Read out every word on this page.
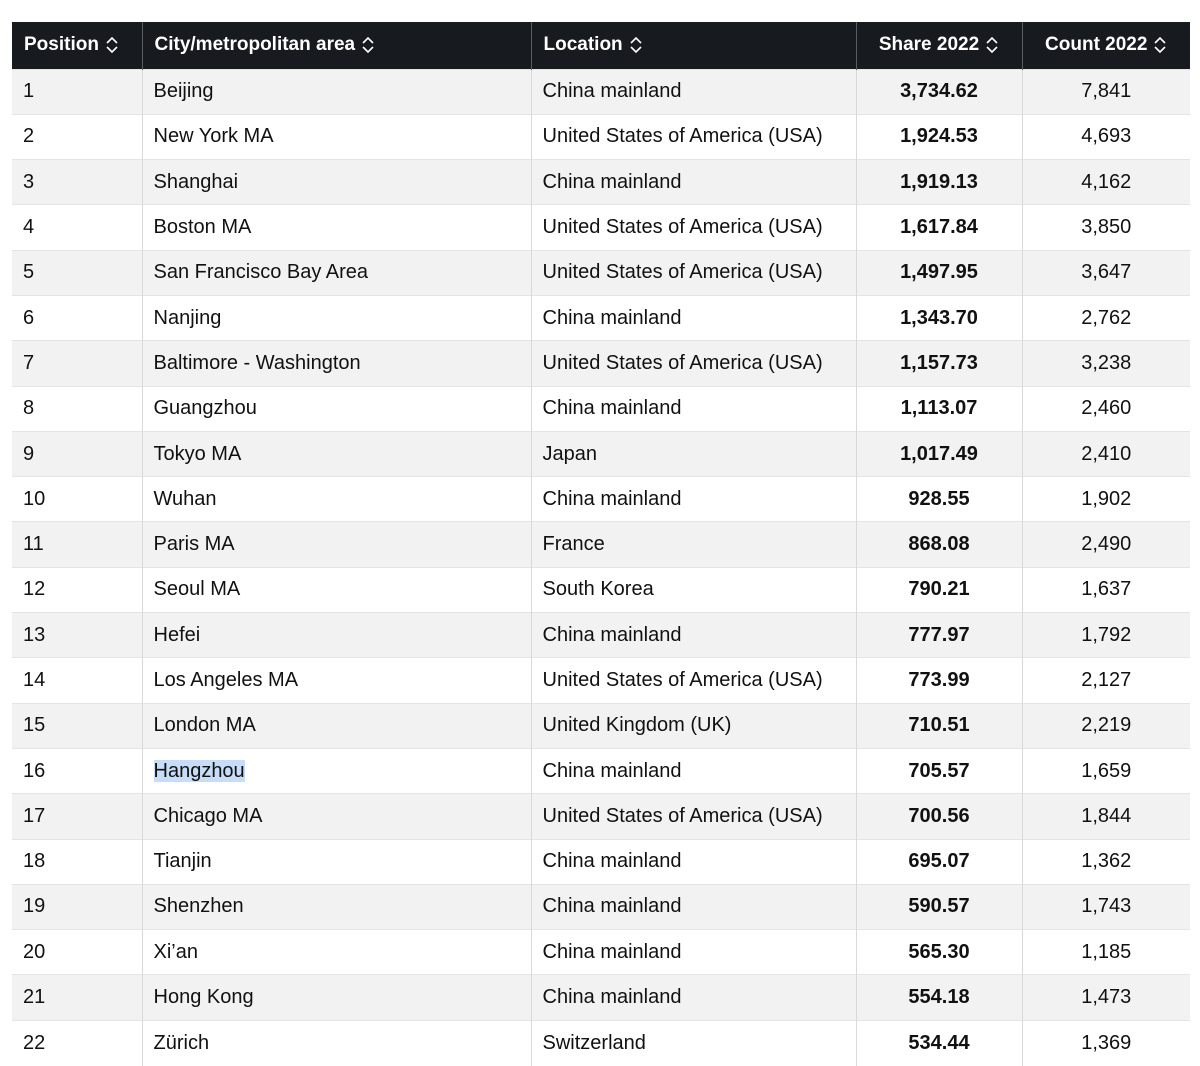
Position	City/metropolitan area	Location	Share 2022	Count 2022
1	Beijing	China mainland	3,734.62	7,841
2	New York MA	United States of America (USA)	1,924.53	4,693
3	Shanghai	China mainland	1,919.13	4,162
4	Boston MA	United States of America (USA)	1,617.84	3,850
5	San Francisco Bay Area	United States of America (USA)	1,497.95	3,647
6	Nanjing	China mainland	1,343.70	2,762
7	Baltimore - Washington	United States of America (USA)	1,157.73	3,238
8	Guangzhou	China mainland	1,113.07	2,460
9	Tokyo MA	Japan	1,017.49	2,410
10	Wuhan	China mainland	928.55	1,902
11	Paris MA	France	868.08	2,490
12	Seoul MA	South Korea	790.21	1,637
13	Hefei	China mainland	777.97	1,792
14	Los Angeles MA	United States of America (USA)	773.99	2,127
15	London MA	United Kingdom (UK)	710.51	2,219
16	Hangzhou	China mainland	705.57	1,659
17	Chicago MA	United States of America (USA)	700.56	1,844
18	Tianjin	China mainland	695.07	1,362
19	Shenzhen	China mainland	590.57	1,743
20	Xi’an	China mainland	565.30	1,185
21	Hong Kong	China mainland	554.18	1,473
22	Zürich	Switzerland	534.44	1,369
